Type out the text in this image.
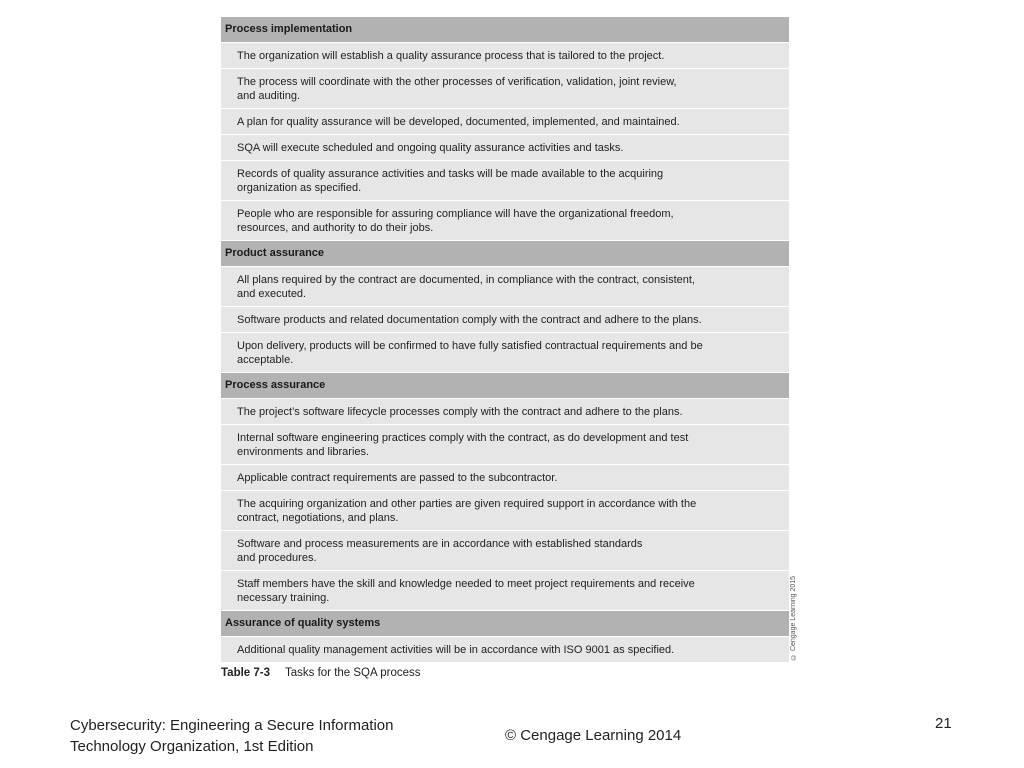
Process implementation
The organization will establish a quality assurance process that is tailored to the project.
The process will coordinate with the other processes of verification, validation, joint review,
and auditing.
A plan for quality assurance will be developed, documented, implemented, and maintained.
SQA will execute scheduled and ongoing quality assurance activities and tasks.
Records of quality assurance activities and tasks will be made available to the acquiring
organization as specified.
People who are responsible for assuring compliance will have the organizational freedom,
resources, and authority to do their jobs.
Product assurance
All plans required by the contract are documented, in compliance with the contract, consistent,
and executed.
Software products and related documentation comply with the contract and adhere to the plans.
Upon delivery, products will be confirmed to have fully satisfied contractual requirements and be
acceptable.
Process assurance
The project’s software lifecycle processes comply with the contract and adhere to the plans.
Internal software engineering practices comply with the contract, as do development and test
environments and libraries.
Applicable contract requirements are passed to the subcontractor.
The acquiring organization and other parties are given required support in accordance with the
contract, negotiations, and plans.
Software and process measurements are in accordance with established standards
and procedures.
Staff members have the skill and knowledge needed to meet project requirements and receive
necessary training.
Assurance of quality systems
Additional quality management activities will be in accordance with ISO 9001 as specified.	© Cengage Learning 2015
Table 7-3 Tasks for the SQA process
Cybersecurity: Engineering a Secure Information
Technology Organization, 1st Edition
© Cengage Learning 2014
21
